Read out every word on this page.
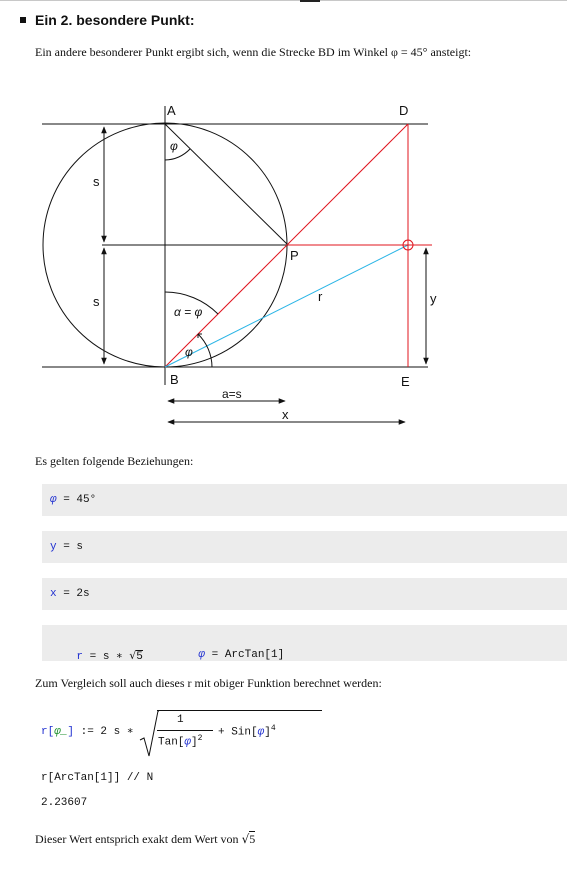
Ein 2. besondere Punkt:
Ein andere besonderer Punkt ergibt sich, wenn die Strecke BD im Winkel φ = 45° ansteigt:
A	D
P
B	E
s
s	y
r
φ
α = φ
φ
a=s
x
Es gelten folgende Beziehungen:
φ = 45°
y = s
x = 2s

r = s ∗ √5
	φ = ArcTan[1]

Zum Vergleich soll auch dieses r mit obiger Funktion berechnet werden:
r[φ_] := 2 s ∗
1
$Tan[\varphi]^2 + Sin[\varphi]^4$
r[ArcTan[1]] // N
2.23607
Dieser Wert entsprich exakt dem Wert von √5
